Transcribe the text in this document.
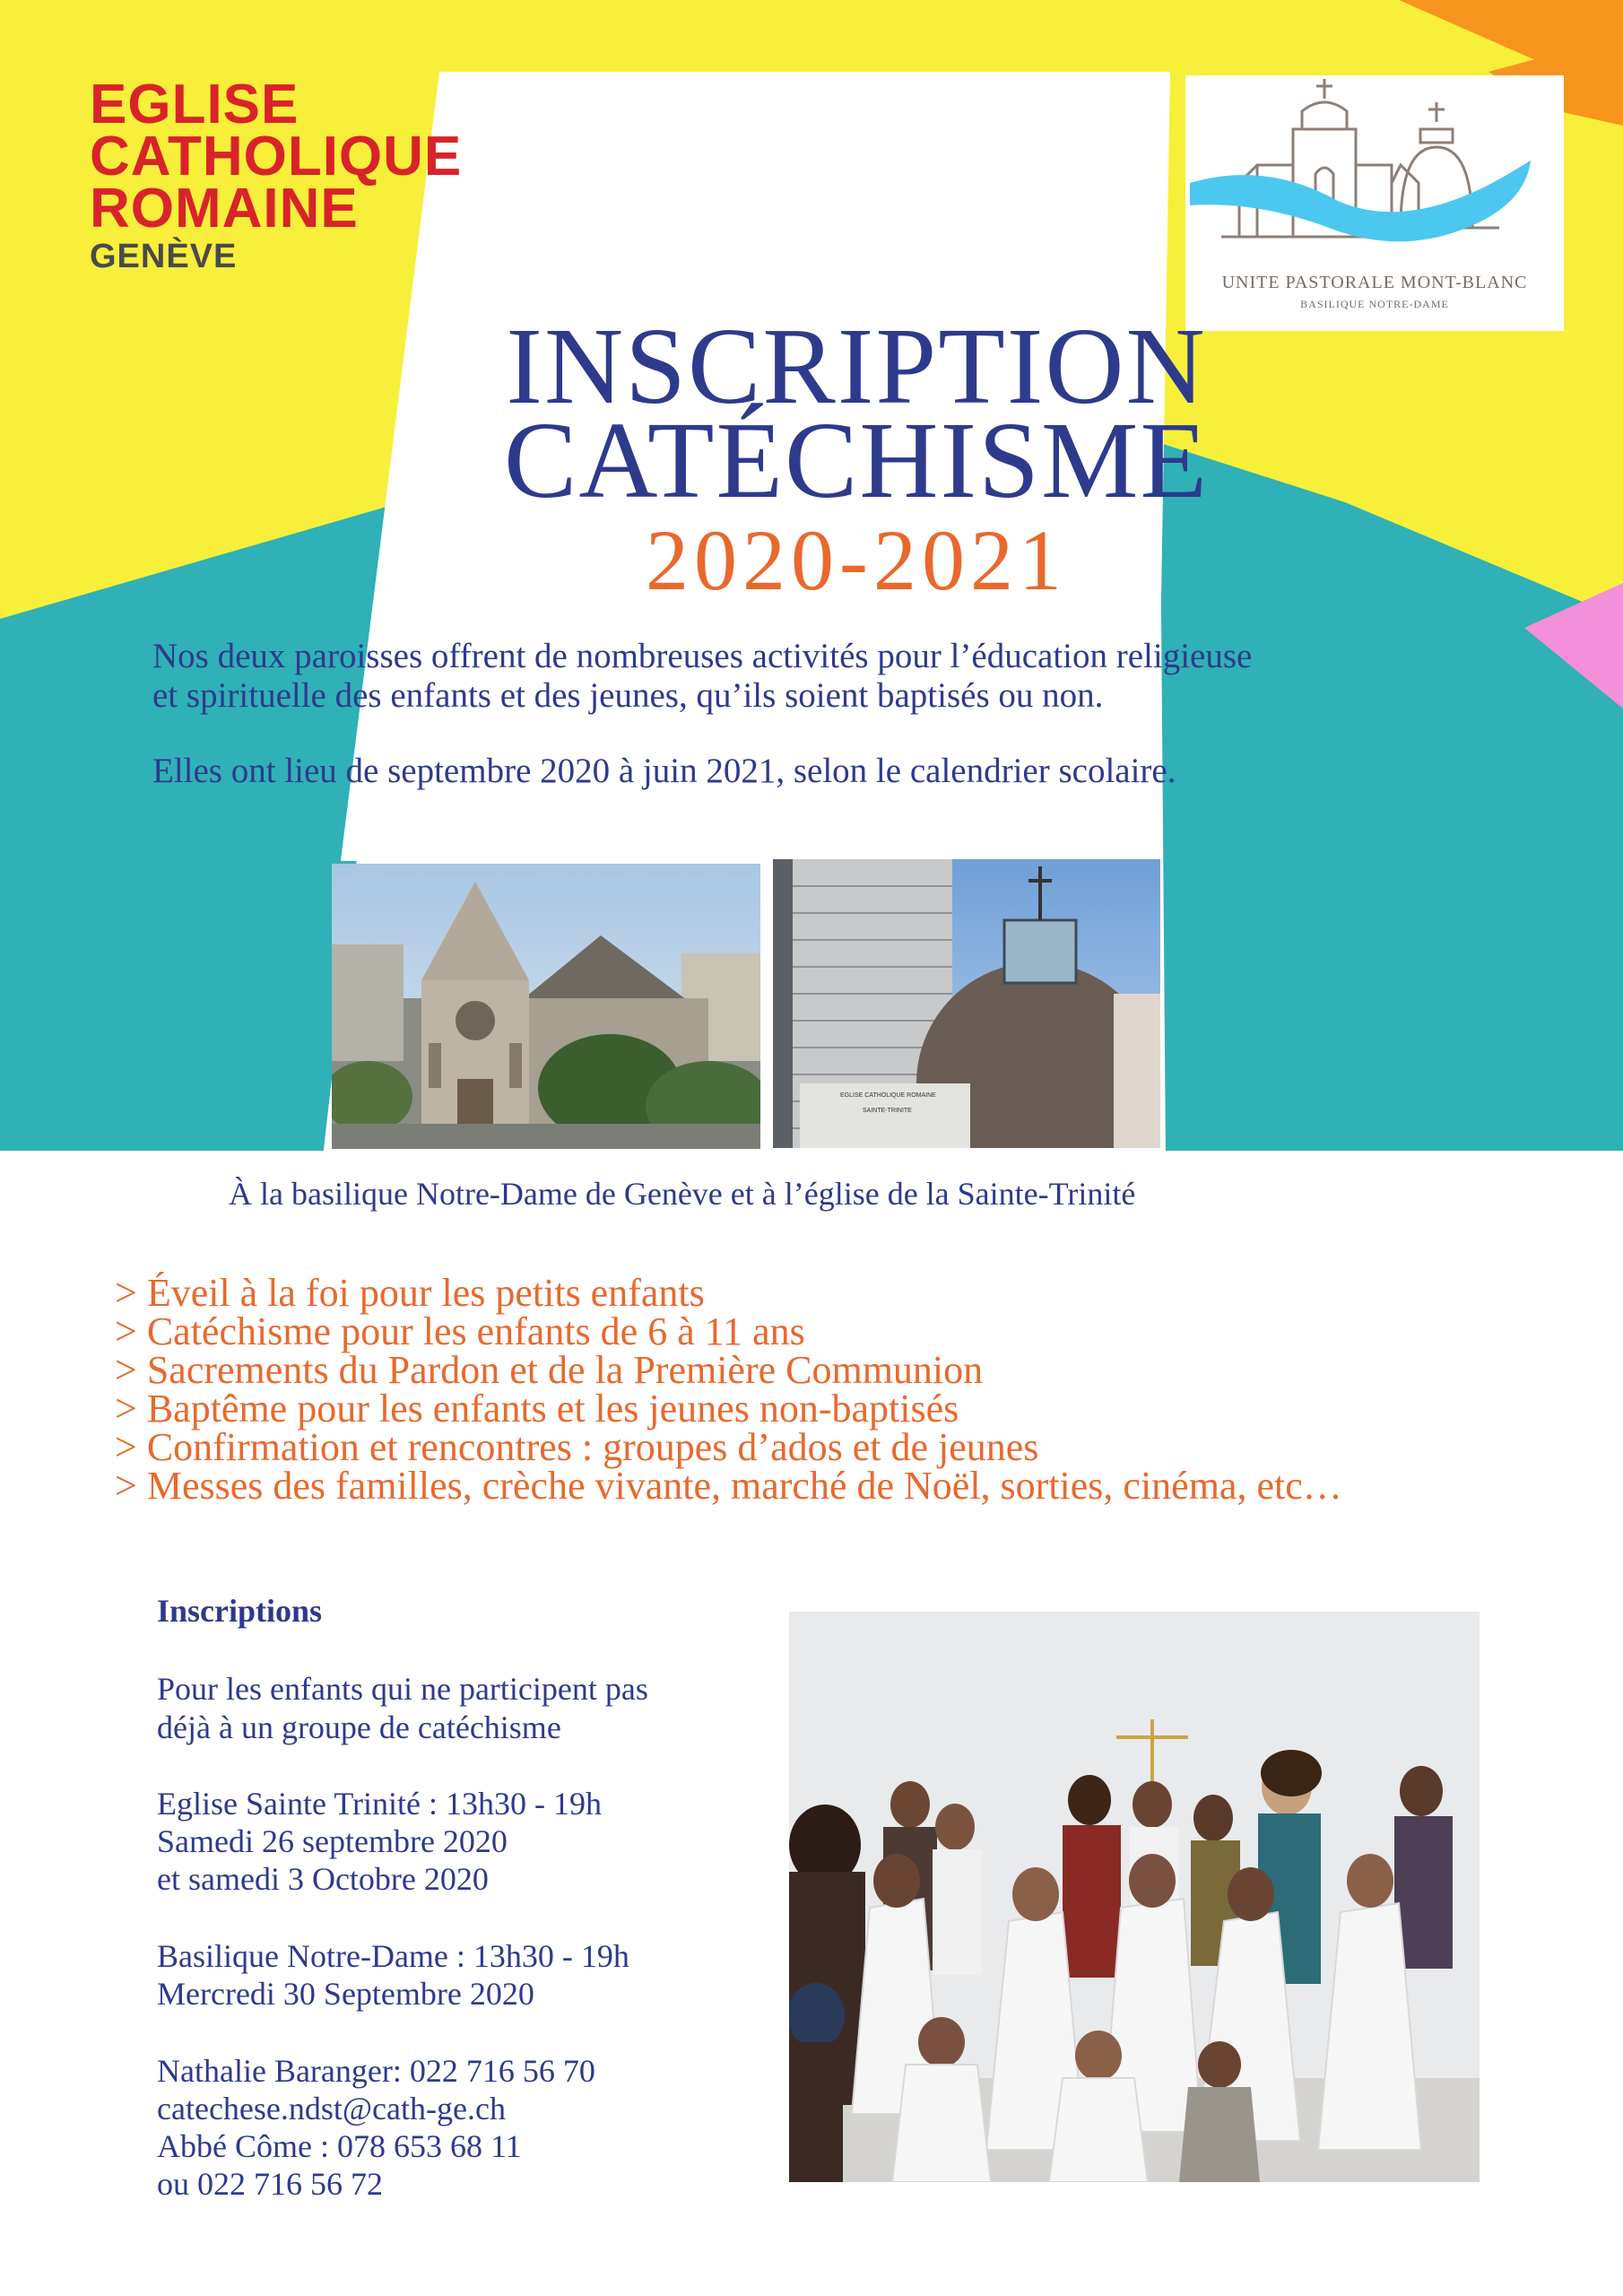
EGLISE
CATHOLIQUE
ROMAINE
GENÈVE
UNITE PASTORALE MONT-BLANC
BASILIQUE NOTRE-DAME
INSCRIPTION
CATÉCHISME
2020-2021
Nos deux paroisses offrent de nombreuses activités pour l’éducation religieuse
et spirituelle des enfants et des jeunes, qu’ils soient baptisés ou non.
Elles ont lieu de septembre 2020 à juin 2021, selon le calendrier scolaire.
EGLISE CATHOLIQUE ROMAINE
SAINTE-TRINITE
À la basilique Notre-Dame de Genève et à l’église de la Sainte-Trinité
> Éveil à la foi pour les petits enfants
> Catéchisme pour les enfants de 6 à 11 ans
> Sacrements du Pardon et de la Première Communion
> Baptême pour les enfants et les jeunes non-baptisés
> Confirmation et rencontres : groupes d’ados et de jeunes
> Messes des familles, crèche vivante, marché de Noël, sorties, cinéma, etc…
Inscriptions
Pour les enfants qui ne participent pas
déjà à un groupe de catéchisme
Eglise Sainte Trinité : 13h30 - 19h
Samedi 26 septembre 2020
et samedi 3 Octobre 2020
Basilique Notre-Dame : 13h30 - 19h
Mercredi 30 Septembre 2020
Nathalie Baranger: 022 716 56 70
catechese.ndst@cath-ge.ch
Abbé Côme : 078 653 68 11
ou 022 716 56 72
